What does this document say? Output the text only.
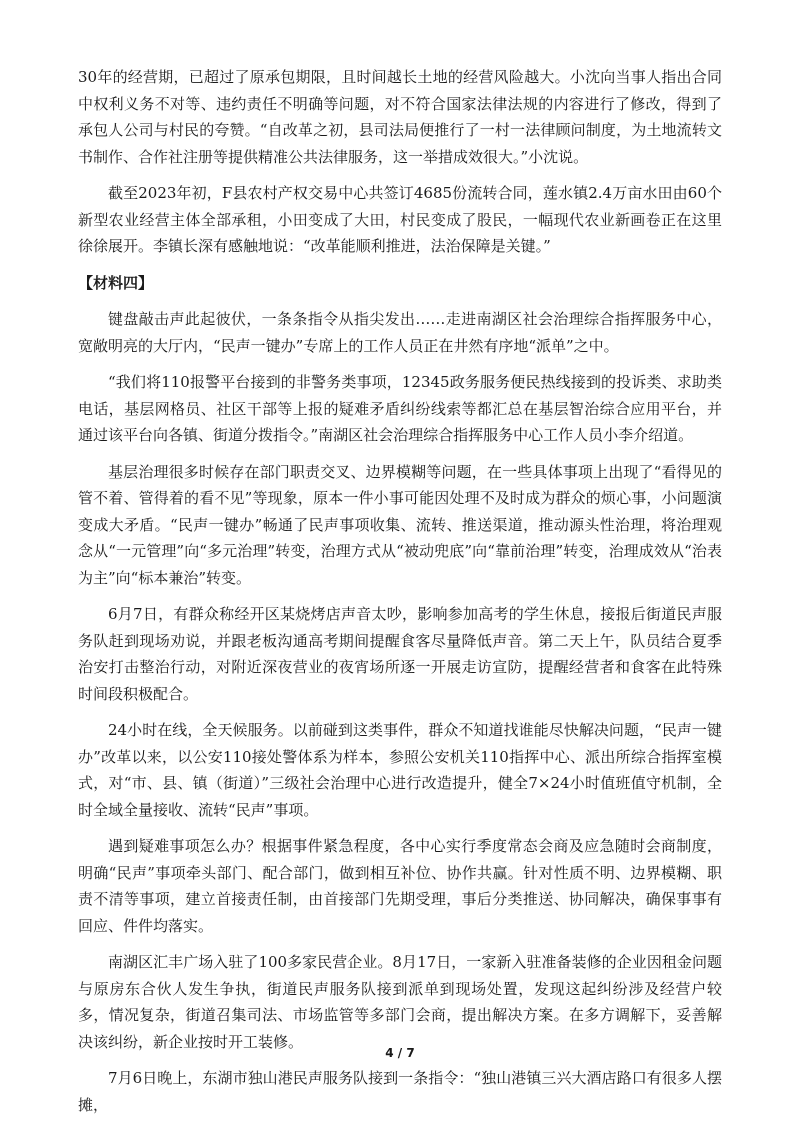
30年的经营期，已超过了原承包期限，且时间越长土地的经营风险越大。小沈向当事人指出合同中权利义务不对等、违约责任不明确等问题，对不符合国家法律法规的内容进行了修改，得到了承包人公司与村民的夸赞。“自改革之初，县司法局便推行了一村一法律顾问制度，为土地流转文书制作、合作社注册等提供精准公共法律服务，这一举措成效很大。”小沈说。

截至2023年初，F县农村产权交易中心共签订4685份流转合同，莲水镇2.4万亩水田由60个新型农业经营主体全部承租，小田变成了大田，村民变成了股民，一幅现代农业新画卷正在这里徐徐展开。李镇长深有感触地说：“改革能顺利推进，法治保障是关键。”

【材料四】

键盘敲击声此起彼伏，一条条指令从指尖发出……走进南湖区社会治理综合指挥服务中心，宽敞明亮的大厅内，“民声一键办”专席上的工作人员正在井然有序地“派单”之中。

“我们将110报警平台接到的非警务类事项，12345政务服务便民热线接到的投诉类、求助类电话，基层网格员、社区干部等上报的疑难矛盾纠纷线索等都汇总在基层智治综合应用平台，并通过该平台向各镇、街道分拨指令。”南湖区社会治理综合指挥服务中心工作人员小李介绍道。

基层治理很多时候存在部门职责交叉、边界模糊等问题，在一些具体事项上出现了“看得见的管不着、管得着的看不见”等现象，原本一件小事可能因处理不及时成为群众的烦心事，小问题演变成大矛盾。“民声一键办”畅通了民声事项收集、流转、推送渠道，推动源头性治理，将治理观念从“一元管理”向“多元治理”转变，治理方式从“被动兜底”向“靠前治理”转变，治理成效从“治表为主”向“标本兼治”转变。

6月7日，有群众称经开区某烧烤店声音太吵，影响参加高考的学生休息，接报后街道民声服务队赶到现场劝说，并跟老板沟通高考期间提醒食客尽量降低声音。第二天上午，队员结合夏季治安打击整治行动，对附近深夜营业的夜宵场所逐一开展走访宣防，提醒经营者和食客在此特殊时间段积极配合。

24小时在线，全天候服务。以前碰到这类事件，群众不知道找谁能尽快解决问题，“民声一键办”改革以来，以公安110接处警体系为样本，参照公安机关110指挥中心、派出所综合指挥室模式，对“市、县、镇（街道）”三级社会治理中心进行改造提升，健全7×24小时值班值守机制，全时全域全量接收、流转“民声”事项。

遇到疑难事项怎么办？根据事件紧急程度，各中心实行季度常态会商及应急随时会商制度，明确“民声”事项牵头部门、配合部门，做到相互补位、协作共赢。针对性质不明、边界模糊、职责不清等事项，建立首接责任制，由首接部门先期受理，事后分类推送、协同解决，确保事事有回应、件件均落实。

南湖区汇丰广场入驻了100多家民营企业。8月17日，一家新入驻准备装修的企业因租金问题与原房东合伙人发生争执，街道民声服务队接到派单到现场处置，发现这起纠纷涉及经营户较多，情况复杂，街道召集司法、市场监管等多部门会商，提出解决方案。在多方调解下，妥善解决该纠纷，新企业按时开工装修。

7月6日晚上，东湖市独山港民声服务队接到一条指令：“独山港镇三兴大酒店路口有很多人摆摊，

4 / 7
